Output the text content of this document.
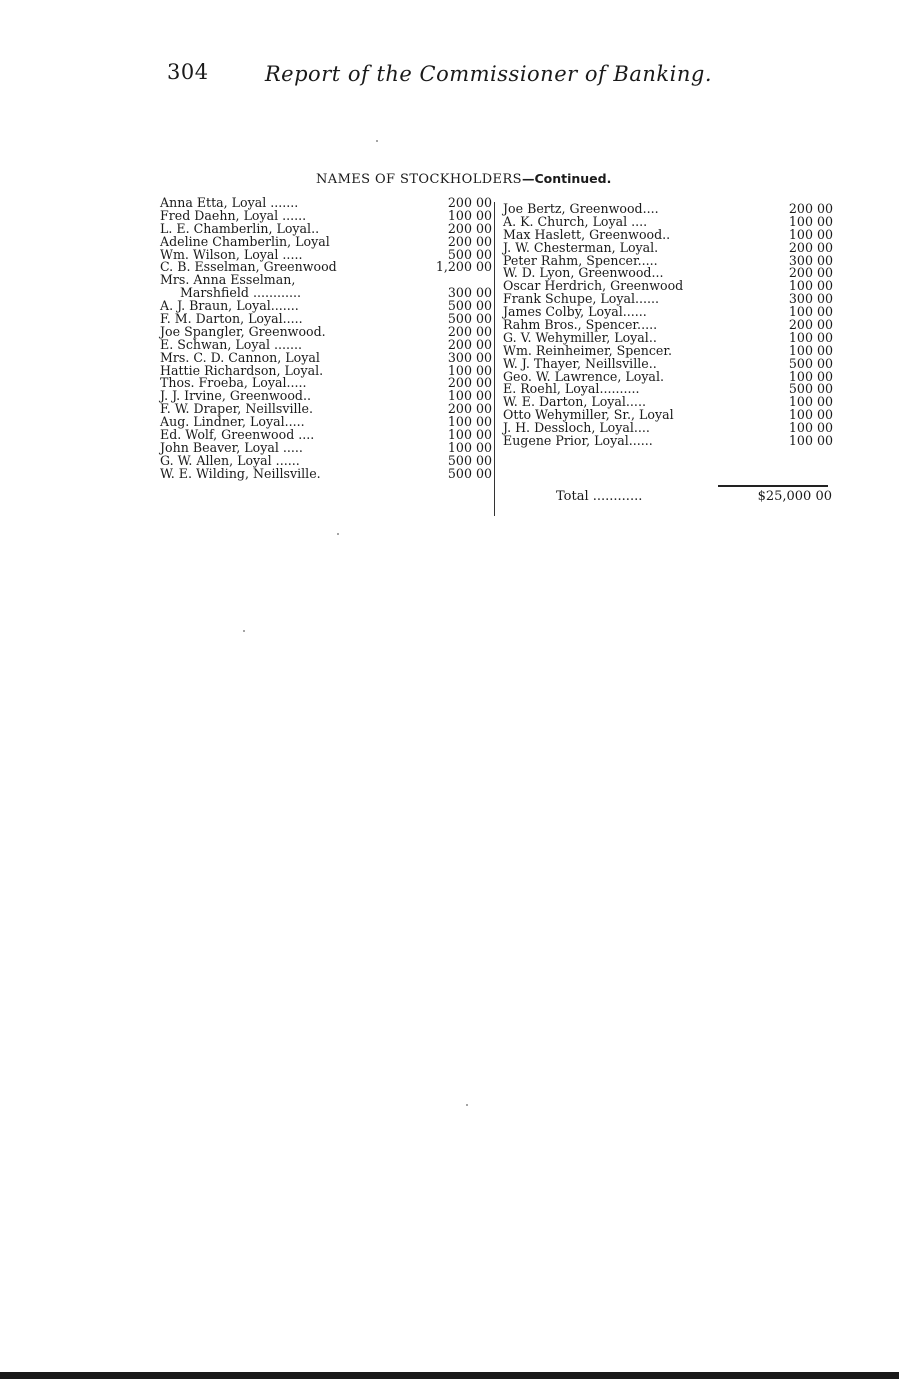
304	Report of the Commissioner of Banking.
NAMES OF STOCKHOLDERS—Continued.
Anna Etta, Loyal .......	200 00
Fred Daehn, Loyal ......	100 00
L. E. Chamberlin, Loyal..	200 00
Adeline Chamberlin, Loyal	200 00
Wm. Wilson, Loyal .....	500 00
C. B. Esselman, Greenwood	1,200 00
Mrs. Anna Esselman,
Marshfield ............	300 00
A. J. Braun, Loyal.......	500 00
F. M. Darton, Loyal.....	500 00
Joe Spangler, Greenwood.	200 00
E. Schwan, Loyal .......	200 00
Mrs. C. D. Cannon, Loyal	300 00
Hattie Richardson, Loyal.	100 00
Thos. Froeba, Loyal.....	200 00
J. J. Irvine, Greenwood..	100 00
F. W. Draper, Neillsville.	200 00
Aug. Lindner, Loyal.....	100 00
Ed. Wolf, Greenwood ....	100 00
John Beaver, Loyal .....	100 00
G. W. Allen, Loyal ......	500 00
W. E. Wilding, Neillsville.	500 00
Joe Bertz, Greenwood....	200 00
A. K. Church, Loyal ....	100 00
Max Haslett, Greenwood..	100 00
J. W. Chesterman, Loyal.	200 00
Peter Rahm, Spencer.....	300 00
W. D. Lyon, Greenwood...	200 00
Oscar Herdrich, Greenwood	100 00
Frank Schupe, Loyal......	300 00
James Colby, Loyal......	100 00
Rahm Bros., Spencer.....	200 00
G. V. Wehymiller, Loyal..	100 00
Wm. Reinheimer, Spencer.	100 00
W. J. Thayer, Neillsville..	500 00
Geo. W. Lawrence, Loyal.	100 00
E. Roehl, Loyal..........	500 00
W. E. Darton, Loyal.....	100 00
Otto Wehymiller, Sr., Loyal	100 00
J. H. Dessloch, Loyal....	100 00
Eugene Prior, Loyal......	100 00
Total ............	$25,000 00
